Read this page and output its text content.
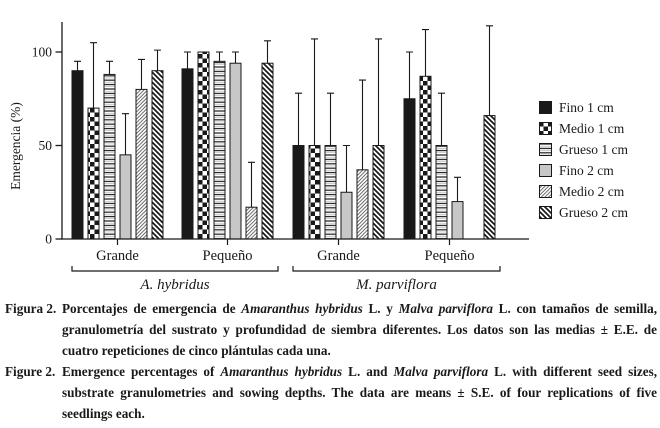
0
50
100
Emergencia (%)
Grande	Pequeño	Grande	Pequeño
A. hybridus	M. parviflora
Fino 1 cm
Medio 1 cm
Grueso 1 cm
Fino 2 cm
Medio 2 cm
Grueso 2 cm
Figura 2. Porcentajes de emergencia de Amaranthus hybridus L. y Malva parviflora L. con tamaños de semilla, granulometría del sustrato y profundidad de siembra diferentes. Los datos son las medias ± E.E. de cuatro repeticiones de cinco plántulas cada una.
Figure 2. Emergence percentages of Amaranthus hybridus L. and Malva parviflora L. with different seed sizes, substrate granulometries and sowing depths. The data are means ± S.E. of four replications of five seedlings each.
